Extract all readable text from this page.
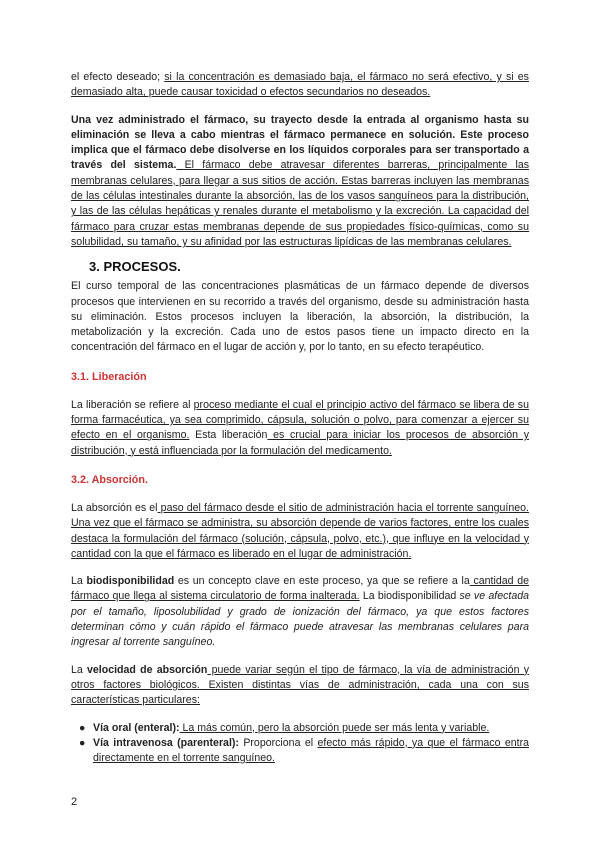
el efecto deseado; si la concentración es demasiado baja, el fármaco no será efectivo, y si es demasiado alta, puede causar toxicidad o efectos secundarios no deseados.

Una vez administrado el fármaco, su trayecto desde la entrada al organismo hasta su eliminación se lleva a cabo mientras el fármaco permanece en solución. Este proceso implica que el fármaco debe disolverse en los líquidos corporales para ser transportado a través del sistema. El fármaco debe atravesar diferentes barreras, principalmente las membranas celulares, para llegar a sus sitios de acción. Estas barreras incluyen las membranas de las células intestinales durante la absorción, las de los vasos sanguíneos para la distribución, y las de las células hepáticas y renales durante el metabolismo y la excreción. La capacidad del fármaco para cruzar estas membranas depende de sus propiedades físico-químicas, como su solubilidad, su tamaño, y su afinidad por las estructuras lipídicas de las membranas celulares.

3. PROCESOS.

El curso temporal de las concentraciones plasmáticas de un fármaco depende de diversos procesos que intervienen en su recorrido a través del organismo, desde su administración hasta su eliminación. Estos procesos incluyen la liberación, la absorción, la distribución, la metabolización y la excreción. Cada uno de estos pasos tiene un impacto directo en la concentración del fármaco en el lugar de acción y, por lo tanto, en su efecto terapéutico.

3.1. Liberación

La liberación se refiere al proceso mediante el cual el principio activo del fármaco se libera de su forma farmacéutica, ya sea comprimido, cápsula, solución o polvo, para comenzar a ejercer su efecto en el organismo. Esta liberación es crucial para iniciar los procesos de absorción y distribución, y está influenciada por la formulación del medicamento.

3.2. Absorción.

La absorción es el paso del fármaco desde el sitio de administración hacia el torrente sanguíneo. Una vez que el fármaco se administra, su absorción depende de varios factores, entre los cuales destaca la formulación del fármaco (solución, cápsula, polvo, etc.), que influye en la velocidad y cantidad con la que el fármaco es liberado en el lugar de administración.

La biodisponibilidad es un concepto clave en este proceso, ya que se refiere a la cantidad de fármaco que llega al sistema circulatorio de forma inalterada. La biodisponibilidad se ve afectada por el tamaño, liposolubilidad y grado de ionización del fármaco, ya que estos factores determinan cómo y cuán rápido el fármaco puede atravesar las membranas celulares para ingresar al torrente sanguíneo.

La velocidad de absorción puede variar según el tipo de fármaco, la vía de administración y otros factores biológicos. Existen distintas vías de administración, cada una con sus características particulares:

● Vía oral (enteral): La más común, pero la absorción puede ser más lenta y variable.
● Vía intravenosa (parenteral): Proporciona el efecto más rápido, ya que el fármaco entra directamente en el torrente sanguíneo.
2
